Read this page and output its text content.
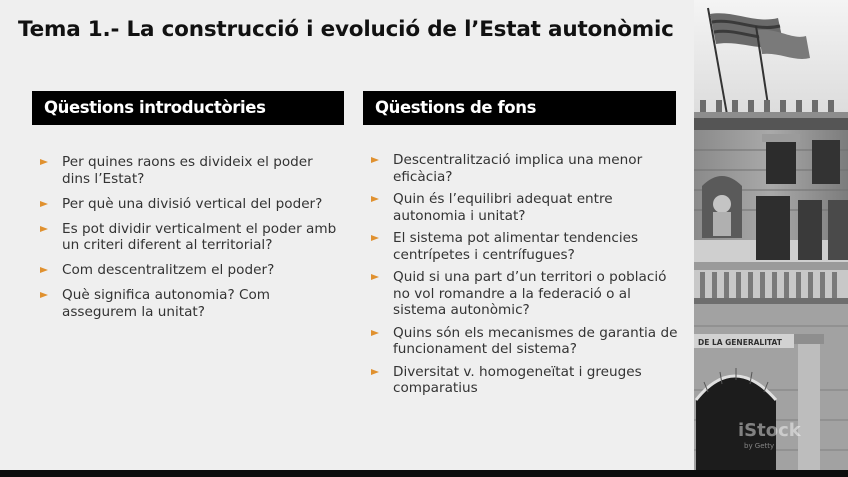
Tema 1.- La construcció i evolució de l’Estat autonòmic
Qüestions introductòries
Per quines raons es divideix el poder dins l’Estat?
Per què una divisió vertical del poder?
Es pot dividir verticalment el poder amb un criteri diferent al territorial?
Com descentralitzem el poder?
Què significa autonomia? Com assegurem la unitat?
Qüestions de fons
Descentralització implica una menor eficàcia?
Quin és l’equilibri adequat entre autonomia i unitat?
El sistema pot alimentar tendencies centrípetes i centrífugues?
Quid si una part d’un territori o població no vol romandre a la federació o al sistema autonòmic?
Quins són els mecanismes de garantia de funcionament del sistema?
Diversitat v. homogeneïtat i greuges comparatius
DE LA GENERALITAT
iStock
by Getty
